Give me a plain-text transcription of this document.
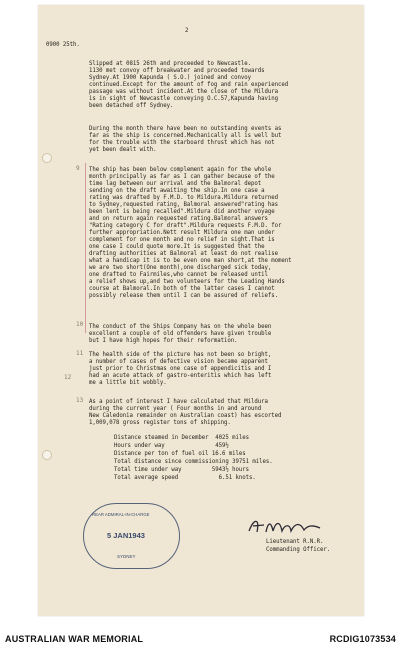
2
0900 25th.
Slipped at 0815 26th and proceeded to Newcastle.
1130 met convoy off breakwater and proceeded towards
Sydney.At 1900 Kapunda ( S.O.) joined and convoy
continued.Except for the amount of fog and rain experienced
passage was without incident.At the close of the Mildura
is in sight of Newcastle conveying O.C.57,Kapunda having
been detached off Sydney.
During the month there have been no outstanding events as
far as the ship is concerned.Mechanically all is well but
for the trouble with the starboard thrust which has not
yet been dealt with.
9 The ship has been below complement again for the whole
month principally as far as I can gather because of the
time lag between our arrival and the Balmoral depot
sending on the draft awaiting the ship.In one case a
rating was drafted by F.M.D. to Mildura.Mildura returned
to Sydney,requested rating, Balmoral answered"rating has
been lent is being recalled".Mildura did another voyage
and on return again requested rating.Balmoral answers
"Rating category C for draft".Mildura requests F.M.D. for
further appropriation.Nett result Mildura one man under
complement for one month and no relief in sight.That is
one case I could quote more.It is suggested that the
drafting authorities at Balmoral at least do not realise
what a handicap it is to be even one man short,at the moment
we are two short(One month),one discharged sick today,
one drafted to Fairmiles,who cannot be released until
a relief shows up,and two volunteers for the Leading Hands
course at Balmoral.In both of the latter cases I cannot
possibly release them until I can be assured of reliefs.
10 The conduct of the Ships Company has on the whole been
excellent a couple of old offenders have given trouble
but I have high hopes for their reformation.
11
12
The health side of the picture has not been so bright,
a number of cases of defective vision became apparent
just prior to Christmas one case of appendicitis and I
had an acute attack of gastro-enteritis which has left
me a little bit wobbly.
13 As a point of interest I have calculated that Mildura
during the current year ( Four months in and around
New Caledonia remainder on Australian coast) has escorted
1,009,078 gross register tons of shipping.
Distance steamed in December  4025 miles
Hours under way               459½
Distance per ton of fuel oil 16.6 miles
Total distance since commissioning 39751 miles.
Total time under way         5943½ hours
Total average speed            6.51 knots.
REAR ADMIRAL-IN-CHARGE
5 JAN1943
SYDNEY
Lieutenant R.N.R.
Commanding Officer.
AUSTRALIAN WAR MEMORIAL	RCDIG1073534
